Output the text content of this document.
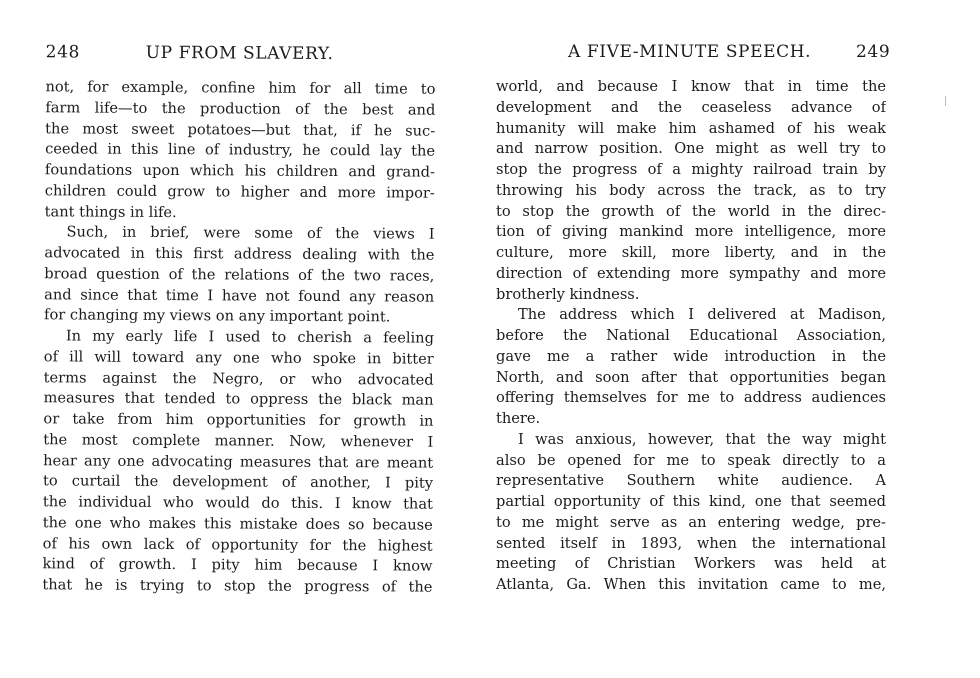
248	UP FROM SLAVERY.
not, for example, confine him for all time to
farm life—to the production of the best and
the most sweet potatoes—but that, if he suc-
ceeded in this line of industry, he could lay the
foundations upon which his children and grand-
children could grow to higher and more impor-
tant things in life.
Such, in brief, were some of the views I
advocated in this first address dealing with the
broad question of the relations of the two races,
and since that time I have not found any reason
for changing my views on any important point.
In my early life I used to cherish a feeling
of ill will toward any one who spoke in bitter
terms against the Negro, or who advocated
measures that tended to oppress the black man
or take from him opportunities for growth in
the most complete manner. Now, whenever I
hear any one advocating measures that are meant
to curtail the development of another, I pity
the individual who would do this. I know that
the one who makes this mistake does so because
of his own lack of opportunity for the highest
kind of growth. I pity him because I know
that he is trying to stop the progress of the
A FIVE-MINUTE SPEECH.	249
world, and because I know that in time the
development and the ceaseless advance of
humanity will make him ashamed of his weak
and narrow position. One might as well try to
stop the progress of a mighty railroad train by
throwing his body across the track, as to try
to stop the growth of the world in the direc-
tion of giving mankind more intelligence, more
culture, more skill, more liberty, and in the
direction of extending more sympathy and more
brotherly kindness.
The address which I delivered at Madison,
before the National Educational Association,
gave me a rather wide introduction in the
North, and soon after that opportunities began
offering themselves for me to address audiences
there.
I was anxious, however, that the way might
also be opened for me to speak directly to a
representative Southern white audience. A
partial opportunity of this kind, one that seemed
to me might serve as an entering wedge, pre-
sented itself in 1893, when the international
meeting of Christian Workers was held at
Atlanta, Ga. When this invitation came to me,
